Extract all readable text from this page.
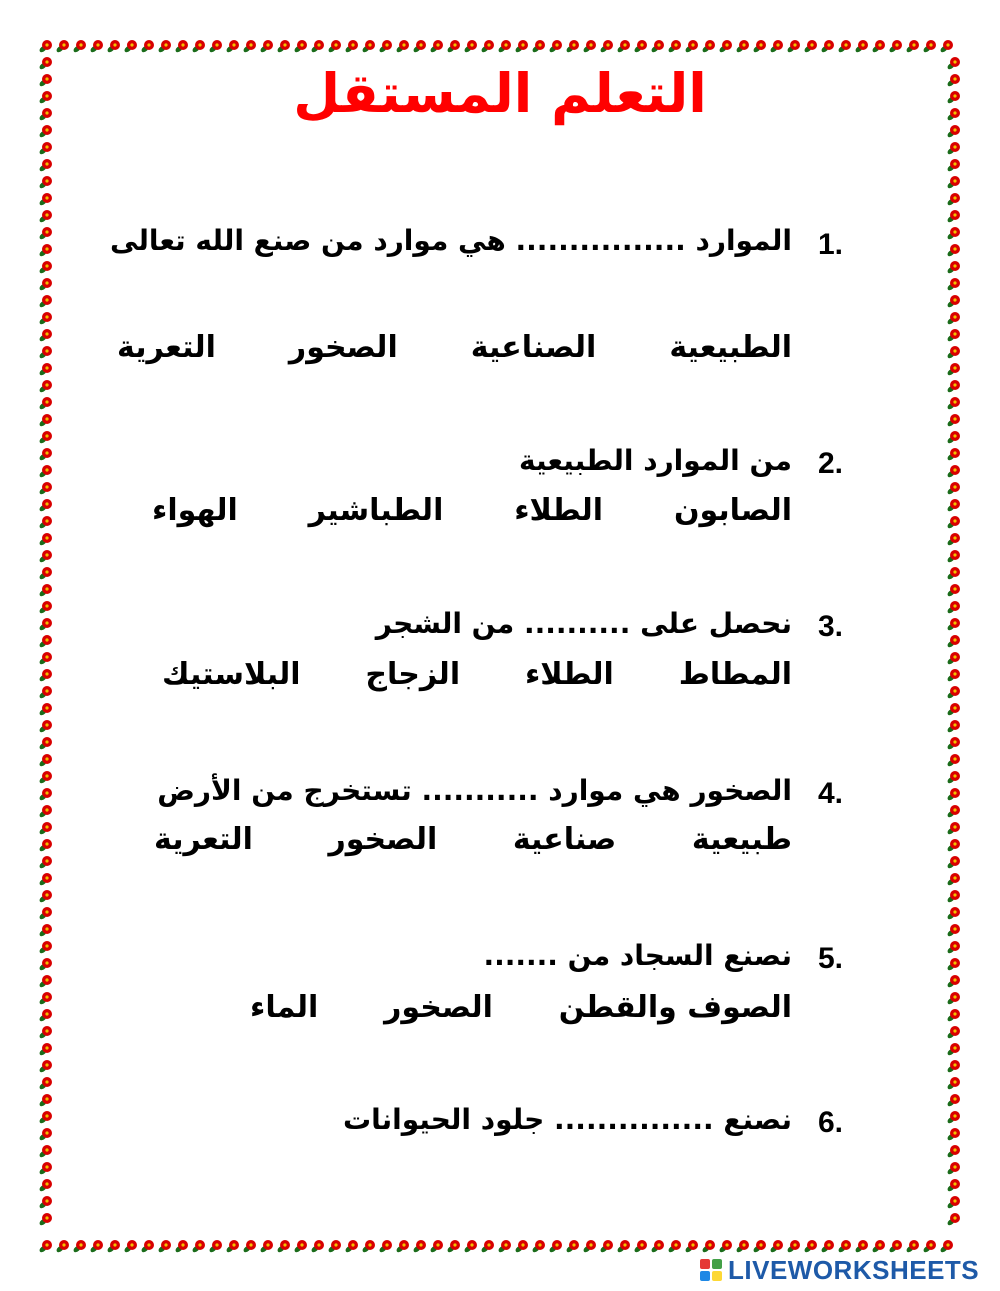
التعلم المستقل
1.
الموارد ................ هي موارد من صنع الله تعالى
الطبيعية
الصناعية
الصخور
التعرية
2.
من الموارد الطبيعية
الصابون
الطلاء
الطباشير
الهواء
3.
نحصل على .......... من الشجر
المطاط
الطلاء
الزجاج
البلاستيك
4.
الصخور هي موارد ........... تستخرج من الأرض
طبيعية
صناعية
الصخور
التعرية
5.
نصنع السجاد من .......
الصوف والقطن
الصخور
الماء
6.
نصنع ............... جلود الحيوانات
LIVEWORKSHEETS
